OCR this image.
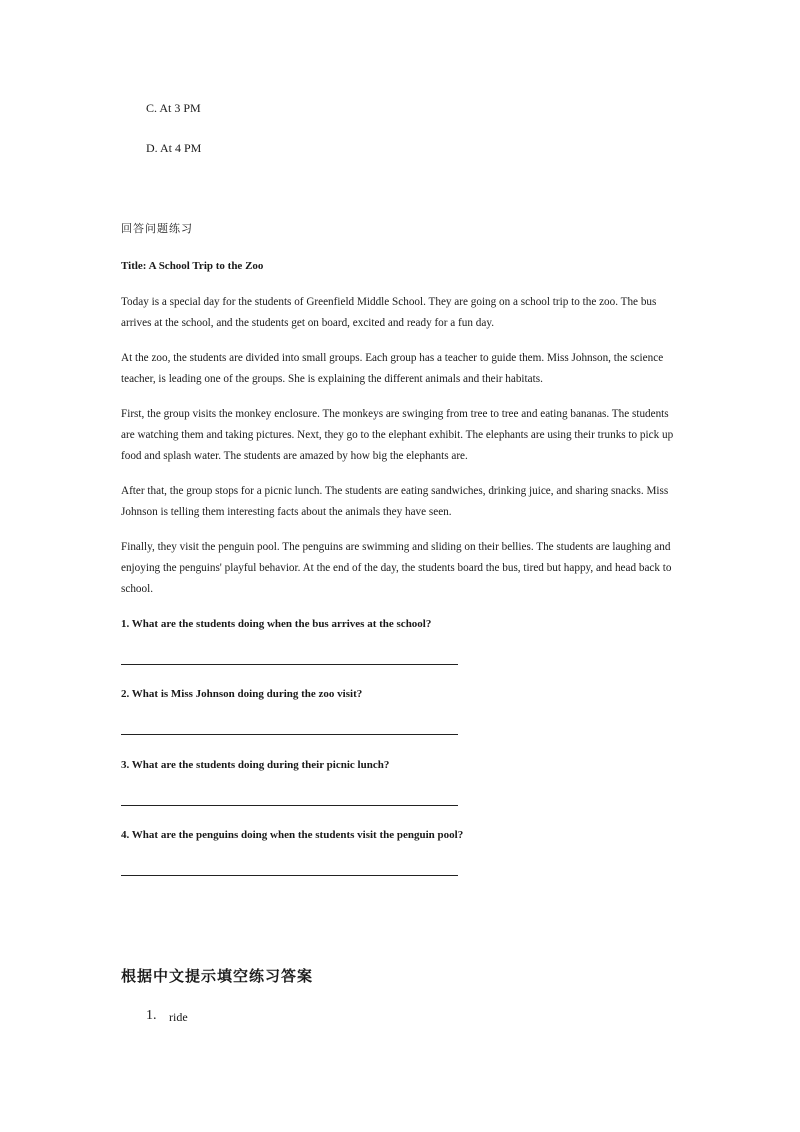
C. At 3 PM
D. At 4 PM
回答问题练习
Title: A School Trip to the Zoo

Today is a special day for the students of Greenfield Middle School. They are going on a school trip to the zoo. The bus arrives at the school, and the students get on board, excited and ready for a fun day.

At the zoo, the students are divided into small groups. Each group has a teacher to guide them. Miss Johnson, the science teacher, is leading one of the groups. She is explaining the different animals and their habitats.

First, the group visits the monkey enclosure. The monkeys are swinging from tree to tree and eating bananas. The students are watching them and taking pictures. Next, they go to the elephant exhibit. The elephants are using their trunks to pick up food and splash water. The students are amazed by how big the elephants are.

After that, the group stops for a picnic lunch. The students are eating sandwiches, drinking juice, and sharing snacks. Miss Johnson is telling them interesting facts about the animals they have seen.

Finally, they visit the penguin pool. The penguins are swimming and sliding on their bellies. The students are laughing and enjoying the penguins' playful behavior. At the end of the day, the students board the bus, tired but happy, and head back to school.

1. What are the students doing when the bus arrives at the school?
2. What is Miss Johnson doing during the zoo visit?
3. What are the students doing during their picnic lunch?
4. What are the penguins doing when the students visit the penguin pool?
根据中文提示填空练习答案
1. ride
